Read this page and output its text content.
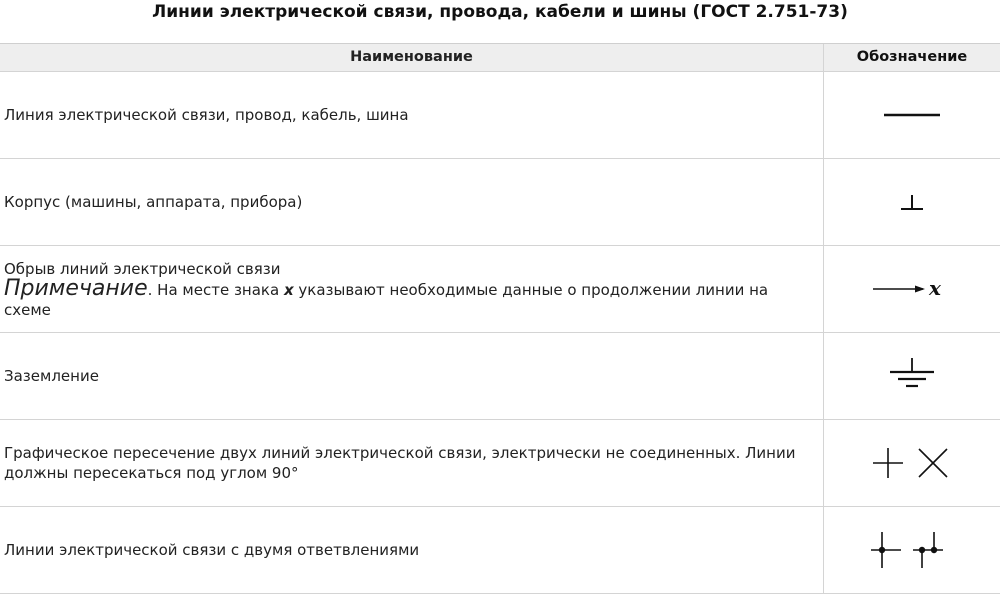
Линии электрической связи, провода, кабели и шины (ГОСТ 2.751-73)
Наименование	Обозначение
Линия электрической связи, провод, кабель, шина
Корпус (машины, аппарата, прибора)
Обрыв линий электрической связи
Примечание. На месте знака x указывают необходимые данные о продолжении линии на схеме
x
Заземление
Графическое пересечение двух линий электрической связи, электрически не соединенных. Линии должны пересекаться под углом 90°
Линии электрической связи с двумя ответвлениями
